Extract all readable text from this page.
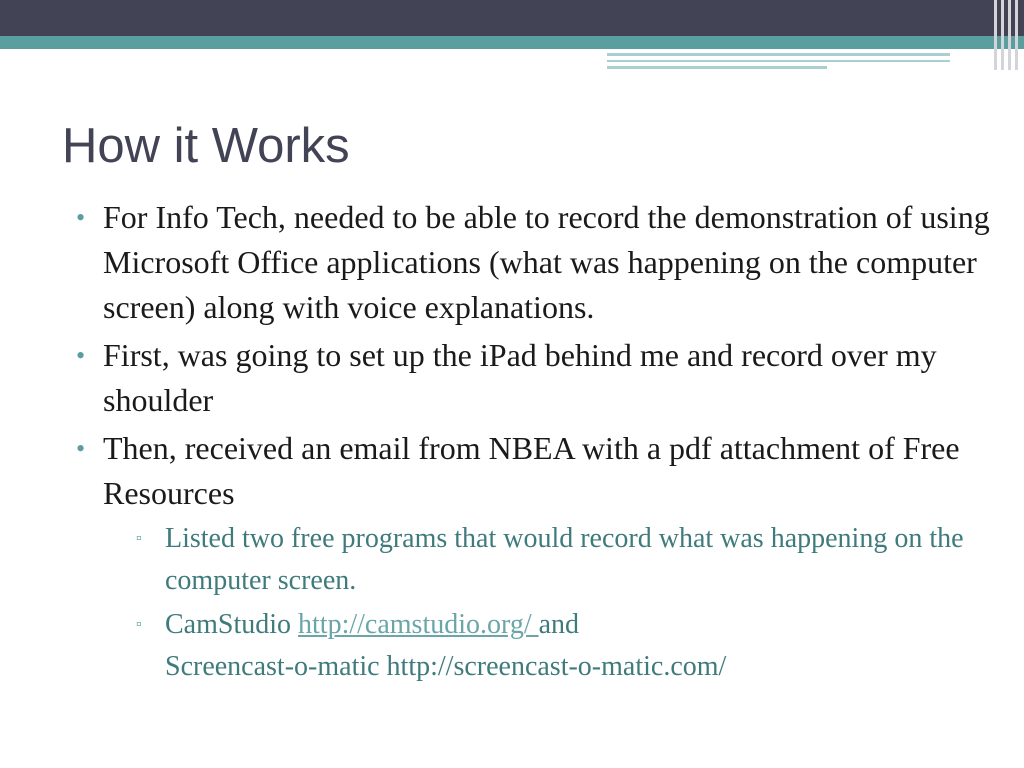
How it Works
• For Info Tech, needed to be able to record the demonstration of using Microsoft Office applications (what was happening on the computer screen) along with voice explanations.
• First, was going to set up the iPad behind me and record over my shoulder
• Then, received an email from NBEA with a pdf attachment of Free Resources
▫ Listed two free programs that would record what was happening on the computer screen.
▫ CamStudio http://camstudio.org/ and
Screencast-o-matic http://screencast-o-matic.com/
